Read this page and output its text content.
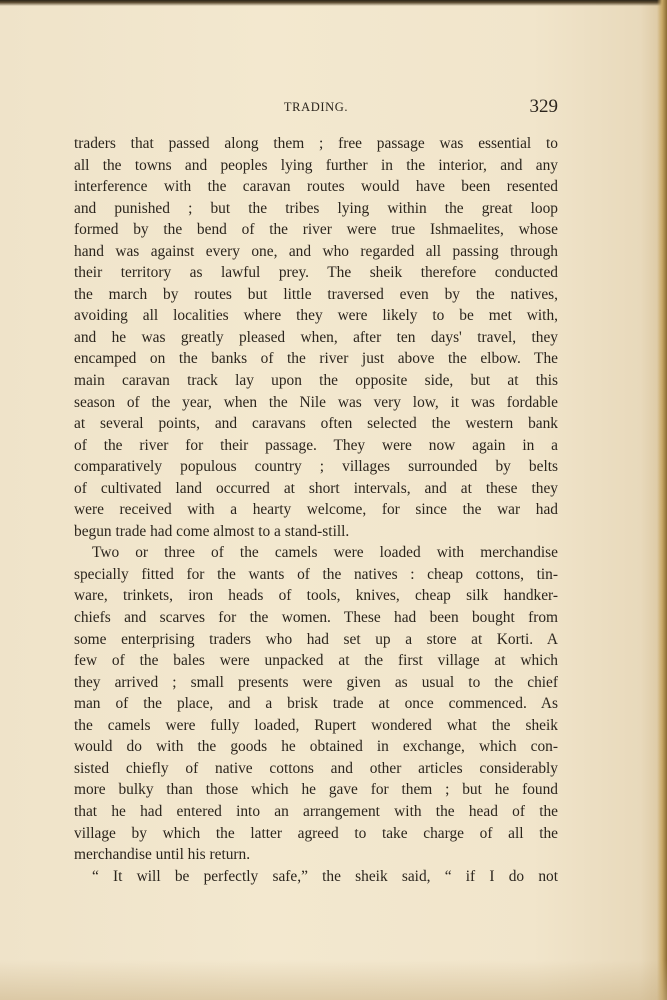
TRADING.	329
traders that passed along them ; free passage was essential to
all the towns and peoples lying further in the interior, and any
interference with the caravan routes would have been resented
and punished ; but the tribes lying within the great loop
formed by the bend of the river were true Ishmaelites, whose
hand was against every one, and who regarded all passing through
their territory as lawful prey. The sheik therefore conducted
the march by routes but little traversed even by the natives,
avoiding all localities where they were likely to be met with,
and he was greatly pleased when, after ten days' travel, they
encamped on the banks of the river just above the elbow. The
main caravan track lay upon the opposite side, but at this
season of the year, when the Nile was very low, it was fordable
at several points, and caravans often selected the western bank
of the river for their passage. They were now again in a
comparatively populous country ; villages surrounded by belts
of cultivated land occurred at short intervals, and at these they
were received with a hearty welcome, for since the war had
begun trade had come almost to a stand-still.
Two or three of the camels were loaded with merchandise
specially fitted for the wants of the natives : cheap cottons, tin-
ware, trinkets, iron heads of tools, knives, cheap silk handker-
chiefs and scarves for the women. These had been bought from
some enterprising traders who had set up a store at Korti. A
few of the bales were unpacked at the first village at which
they arrived ; small presents were given as usual to the chief
man of the place, and a brisk trade at once commenced. As
the camels were fully loaded, Rupert wondered what the sheik
would do with the goods he obtained in exchange, which con-
sisted chiefly of native cottons and other articles considerably
more bulky than those which he gave for them ; but he found
that he had entered into an arrangement with the head of the
village by which the latter agreed to take charge of all the
merchandise until his return.
“ It will be perfectly safe,” the sheik said, “ if I do not
